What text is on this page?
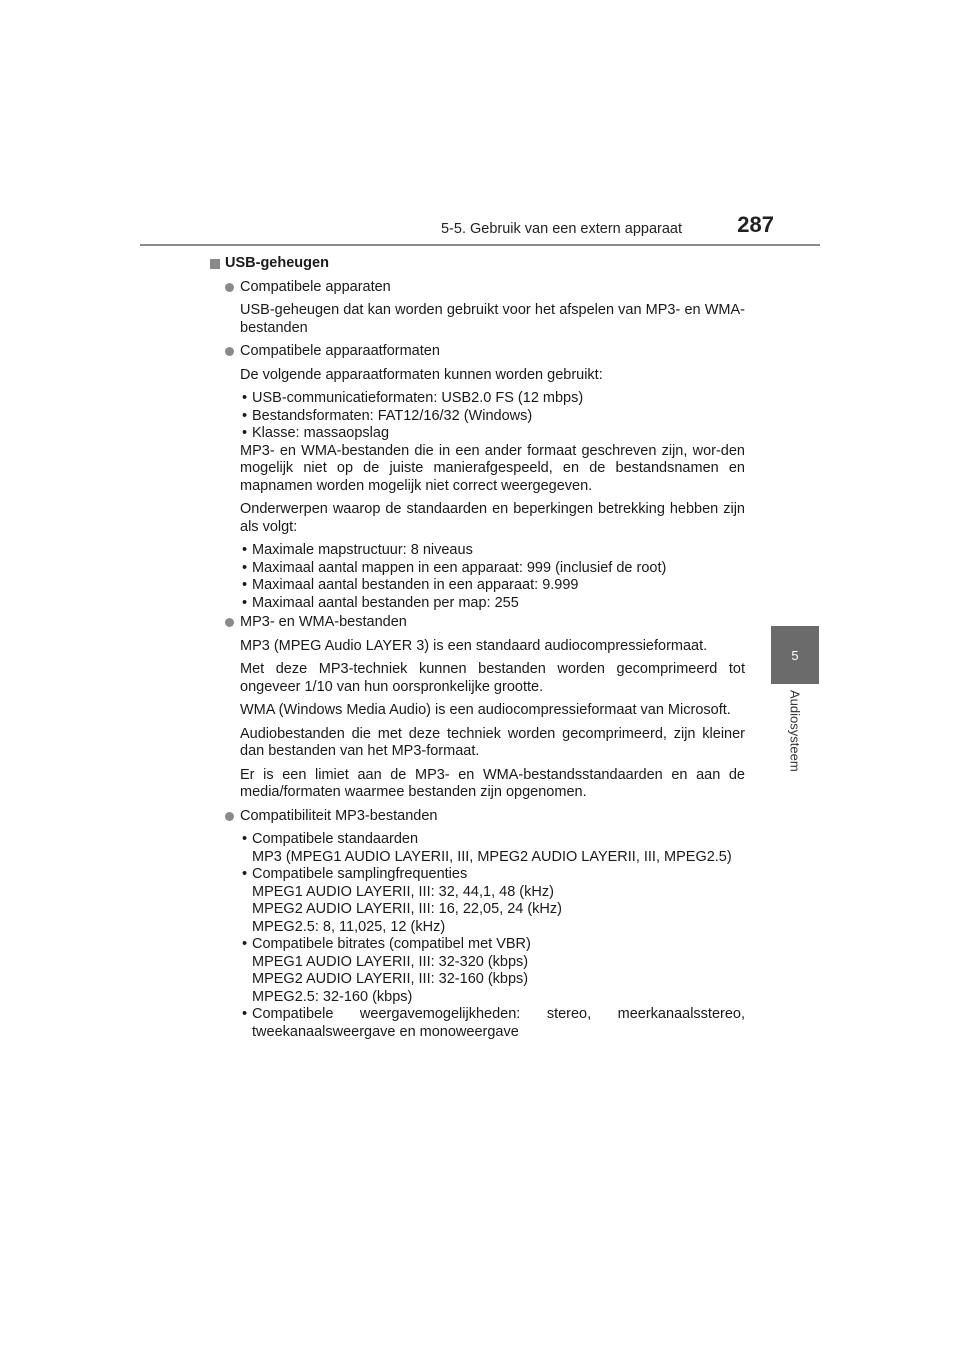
5-5. Gebruik van een extern apparaat	287
5
Audiosysteem
USB-geheugen
Compatibele apparaten
USB-geheugen dat kan worden gebruikt voor het afspelen van MP3- en WMA-bestanden
Compatibele apparaatformaten
De volgende apparaatformaten kunnen worden gebruikt:
• USB-communicatieformaten: USB2.0 FS (12 mbps)
• Bestandsformaten: FAT12/16/32 (Windows)
• Klasse: massaopslag
MP3- en WMA-bestanden die in een ander formaat geschreven zijn, wor-den mogelijk niet op de juiste manierafgespeeld, en de bestandsnamen en mapnamen worden mogelijk niet correct weergegeven.
Onderwerpen waarop de standaarden en beperkingen betrekking hebben zijn als volgt:
• Maximale mapstructuur: 8 niveaus
• Maximaal aantal mappen in een apparaat: 999 (inclusief de root)
• Maximaal aantal bestanden in een apparaat: 9.999
• Maximaal aantal bestanden per map: 255
MP3- en WMA-bestanden
MP3 (MPEG Audio LAYER 3) is een standaard audiocompressieformaat.
Met deze MP3-techniek kunnen bestanden worden gecomprimeerd tot ongeveer 1/10 van hun oorspronkelijke grootte.
WMA (Windows Media Audio) is een audiocompressieformaat van Microsoft.
Audiobestanden die met deze techniek worden gecomprimeerd, zijn kleiner dan bestanden van het MP3-formaat.
Er is een limiet aan de MP3- en WMA-bestandsstandaarden en aan de media/formaten waarmee bestanden zijn opgenomen.
Compatibiliteit MP3-bestanden
• Compatibele standaarden
MP3 (MPEG1 AUDIO LAYERII, III, MPEG2 AUDIO LAYERII, III, MPEG2.5)
• Compatibele samplingfrequenties
MPEG1 AUDIO LAYERII, III: 32, 44,1, 48 (kHz)
MPEG2 AUDIO LAYERII, III: 16, 22,05, 24 (kHz)
MPEG2.5: 8, 11,025, 12 (kHz)
• Compatibele bitrates (compatibel met VBR)
MPEG1 AUDIO LAYERII, III: 32-320 (kbps)
MPEG2 AUDIO LAYERII, III: 32-160 (kbps)
MPEG2.5: 32-160 (kbps)
• Compatibele weergavemogelijkheden: stereo, meerkanaalsstereo,
tweekanaalsweergave en monoweergave
